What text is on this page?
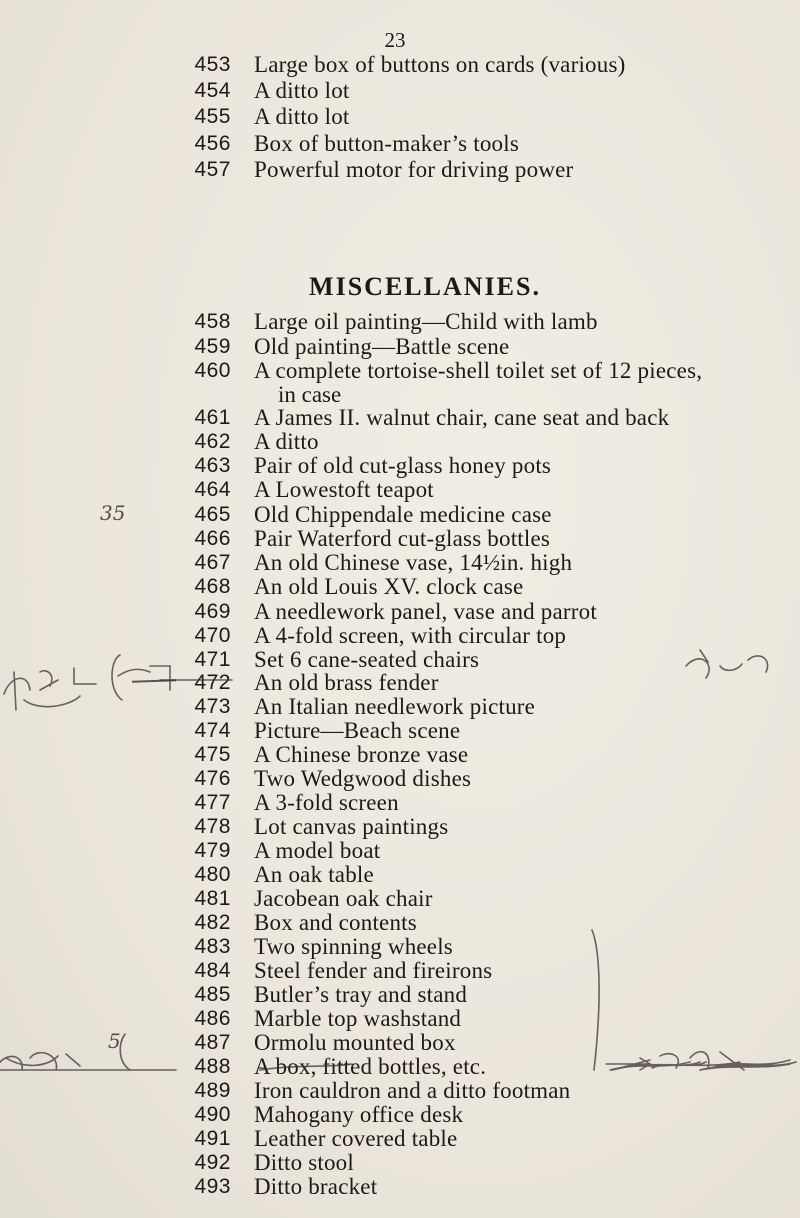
23
MISCELLANIES.
453 Large box of buttons on cards (various)
454 A ditto lot
455 A ditto lot
456 Box of button-maker’s tools
457 Powerful motor for driving power
458 Large oil painting—Child with lamb
459 Old painting—Battle scene
460 A complete tortoise-shell toilet set of 12 pieces,
in case
461 A James II. walnut chair, cane seat and back
462 A ditto
463 Pair of old cut-glass honey pots
464 A Lowestoft teapot
465 Old Chippendale medicine case
466 Pair Waterford cut-glass bottles
467 An old Chinese vase, 14½in. high
468 An old Louis XV. clock case
469 A needlework panel, vase and parrot
470 A 4-fold screen, with circular top
471 Set 6 cane-seated chairs
472 An old brass fender
473 An Italian needlework picture
474 Picture—Beach scene
475 A Chinese bronze vase
476 Two Wedgwood dishes
477 A 3-fold screen
478 Lot canvas paintings
479 A model boat
480 An oak table
481 Jacobean oak chair
482 Box and contents
483 Two spinning wheels
484 Steel fender and fireirons
485 Butler’s tray and stand
486 Marble top washstand
487 Ormolu mounted box
488 A box, fitted bottles, etc.
489 Iron cauldron and a ditto footman
490 Mahogany office desk
491 Leather covered table
492 Ditto stool
493 Ditto bracket
35
5
